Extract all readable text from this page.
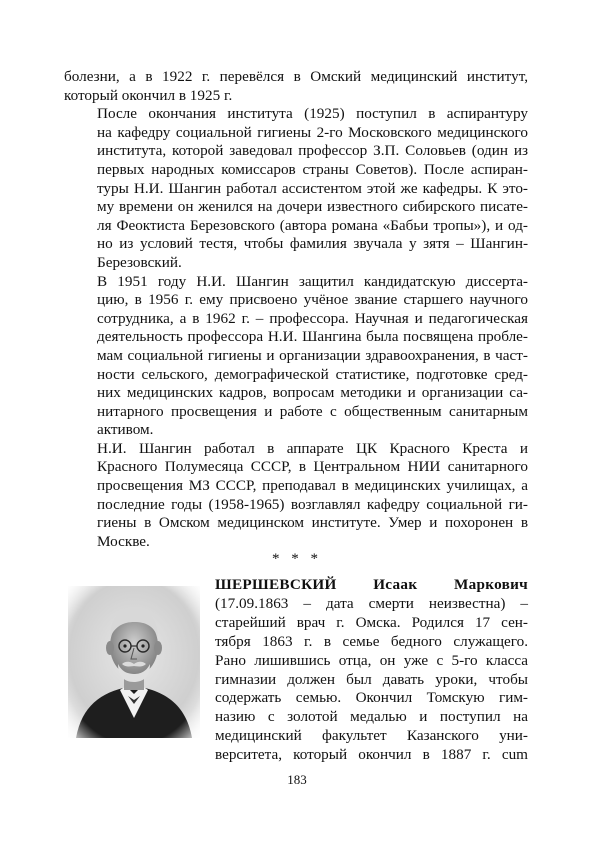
болезни, а в 1922 г. перевёлся в Омский медицинский институт,
который окончил в 1925 г.
После окончания института (1925) поступил в аспирантуру
на кафедру социальной гигиены 2-го Московского медицинского
института, которой заведовал профессор З.П. Соловьев (один из
первых народных комиссаров страны Советов). После аспиран-
туры Н.И. Шангин работал ассистентом этой же кафедры. К это-
му времени он женился на дочери известного сибирского писате-
ля Феоктиста Березовского (автора романа «Бабьи тропы»), и од-
но из условий тестя, чтобы фамилия звучала у зятя – Шангин-
Березовский.
В 1951 году Н.И. Шангин защитил кандидатскую диссерта-
цию, в 1956 г. ему присвоено учёное звание старшего научного
сотрудника, а в 1962 г. – профессора. Научная и педагогическая
деятельность профессора Н.И. Шангина была посвящена пробле-
мам социальной гигиены и организации здравоохранения, в част-
ности сельского, демографической статистике, подготовке сред-
них медицинских кадров, вопросам методики и организации са-
нитарного просвещения и работе с общественным санитарным
активом.
Н.И. Шангин работал в аппарате ЦК Красного Креста и
Красного Полумесяца СССР, в Центральном НИИ санитарного
просвещения МЗ СССР, преподавал в медицинских училищах, а
последние годы (1958-1965) возглавлял кафедру социальной ги-
гиены в Омском медицинском институте. Умер и похоронен в
Москве.
* * *
ШЕРШЕВСКИЙ Исаак Маркович
(17.09.1863 – дата смерти неизвестна) –
старейший врач г. Омска. Родился 17 сен-
тября 1863 г. в семье бедного служащего.
Рано лишившись отца, он уже с 5-го класса
гимназии должен был давать уроки, чтобы
содержать семью. Окончил Томскую гим-
назию с золотой медалью и поступил на
медицинский факультет Казанского уни-
верситета, который окончил в 1887 г. cum
183
